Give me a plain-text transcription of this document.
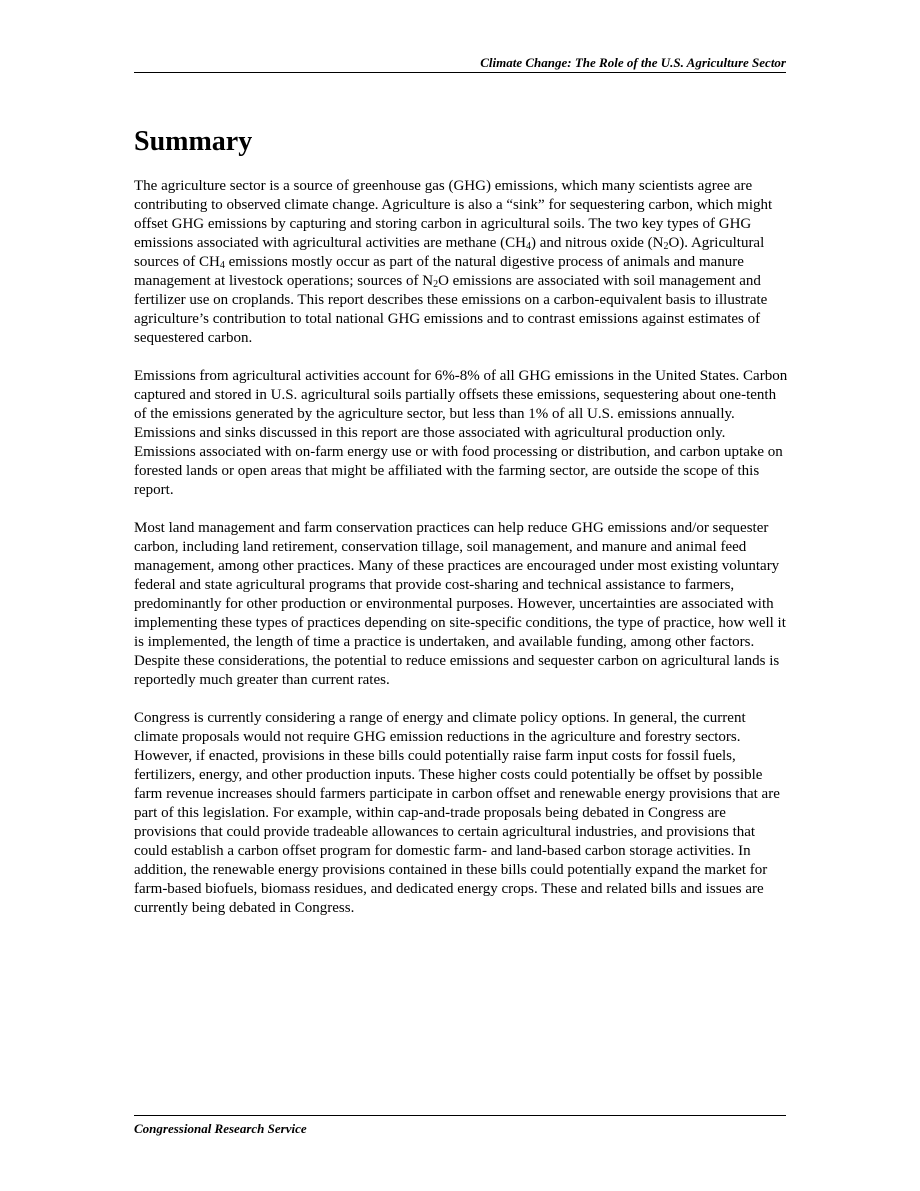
Climate Change: The Role of the U.S. Agriculture Sector
Summary

The agriculture sector is a source of greenhouse gas (GHG) emissions, which many scientists agree are contributing to observed climate change. Agriculture is also a “sink” for sequestering carbon, which might offset GHG emissions by capturing and storing carbon in agricultural soils. The two key types of GHG emissions associated with agricultural activities are methane $(CH_4)$ and nitrous oxide $(N_2O)$. Agricultural sources of $CH_4$ emissions mostly occur as part of the natural digestive process of animals and manure management at livestock operations; sources of $N_2O$ emissions are associated with soil management and fertilizer use on croplands. This report describes these emissions on a carbon-equivalent basis to illustrate agriculture’s contribution to total national GHG emissions and to contrast emissions against estimates of sequestered carbon.

Emissions from agricultural activities account for 6%-8% of all GHG emissions in the United States. Carbon captured and stored in U.S. agricultural soils partially offsets these emissions, sequestering about one-tenth of the emissions generated by the agriculture sector, but less than 1% of all U.S. emissions annually. Emissions and sinks discussed in this report are those associated with agricultural production only. Emissions associated with on-farm energy use or with food processing or distribution, and carbon uptake on forested lands or open areas that might be affiliated with the farming sector, are outside the scope of this report.

Most land management and farm conservation practices can help reduce GHG emissions and/or sequester carbon, including land retirement, conservation tillage, soil management, and manure and animal feed management, among other practices. Many of these practices are encouraged under most existing voluntary federal and state agricultural programs that provide cost-sharing and technical assistance to farmers, predominantly for other production or environmental purposes. However, uncertainties are associated with implementing these types of practices depending on site-specific conditions, the type of practice, how well it is implemented, the length of time a practice is undertaken, and available funding, among other factors. Despite these considerations, the potential to reduce emissions and sequester carbon on agricultural lands is reportedly much greater than current rates.

Congress is currently considering a range of energy and climate policy options. In general, the current climate proposals would not require GHG emission reductions in the agriculture and forestry sectors. However, if enacted, provisions in these bills could potentially raise farm input costs for fossil fuels, fertilizers, energy, and other production inputs. These higher costs could potentially be offset by possible farm revenue increases should farmers participate in carbon offset and renewable energy provisions that are part of this legislation. For example, within cap-and-trade proposals being debated in Congress are provisions that could provide tradeable allowances to certain agricultural industries, and provisions that could establish a carbon offset program for domestic farm- and land-based carbon storage activities. In addition, the renewable energy provisions contained in these bills could potentially expand the market for farm-based biofuels, biomass residues, and dedicated energy crops. These and related bills and issues are currently being debated in Congress.

Congressional Research Service
